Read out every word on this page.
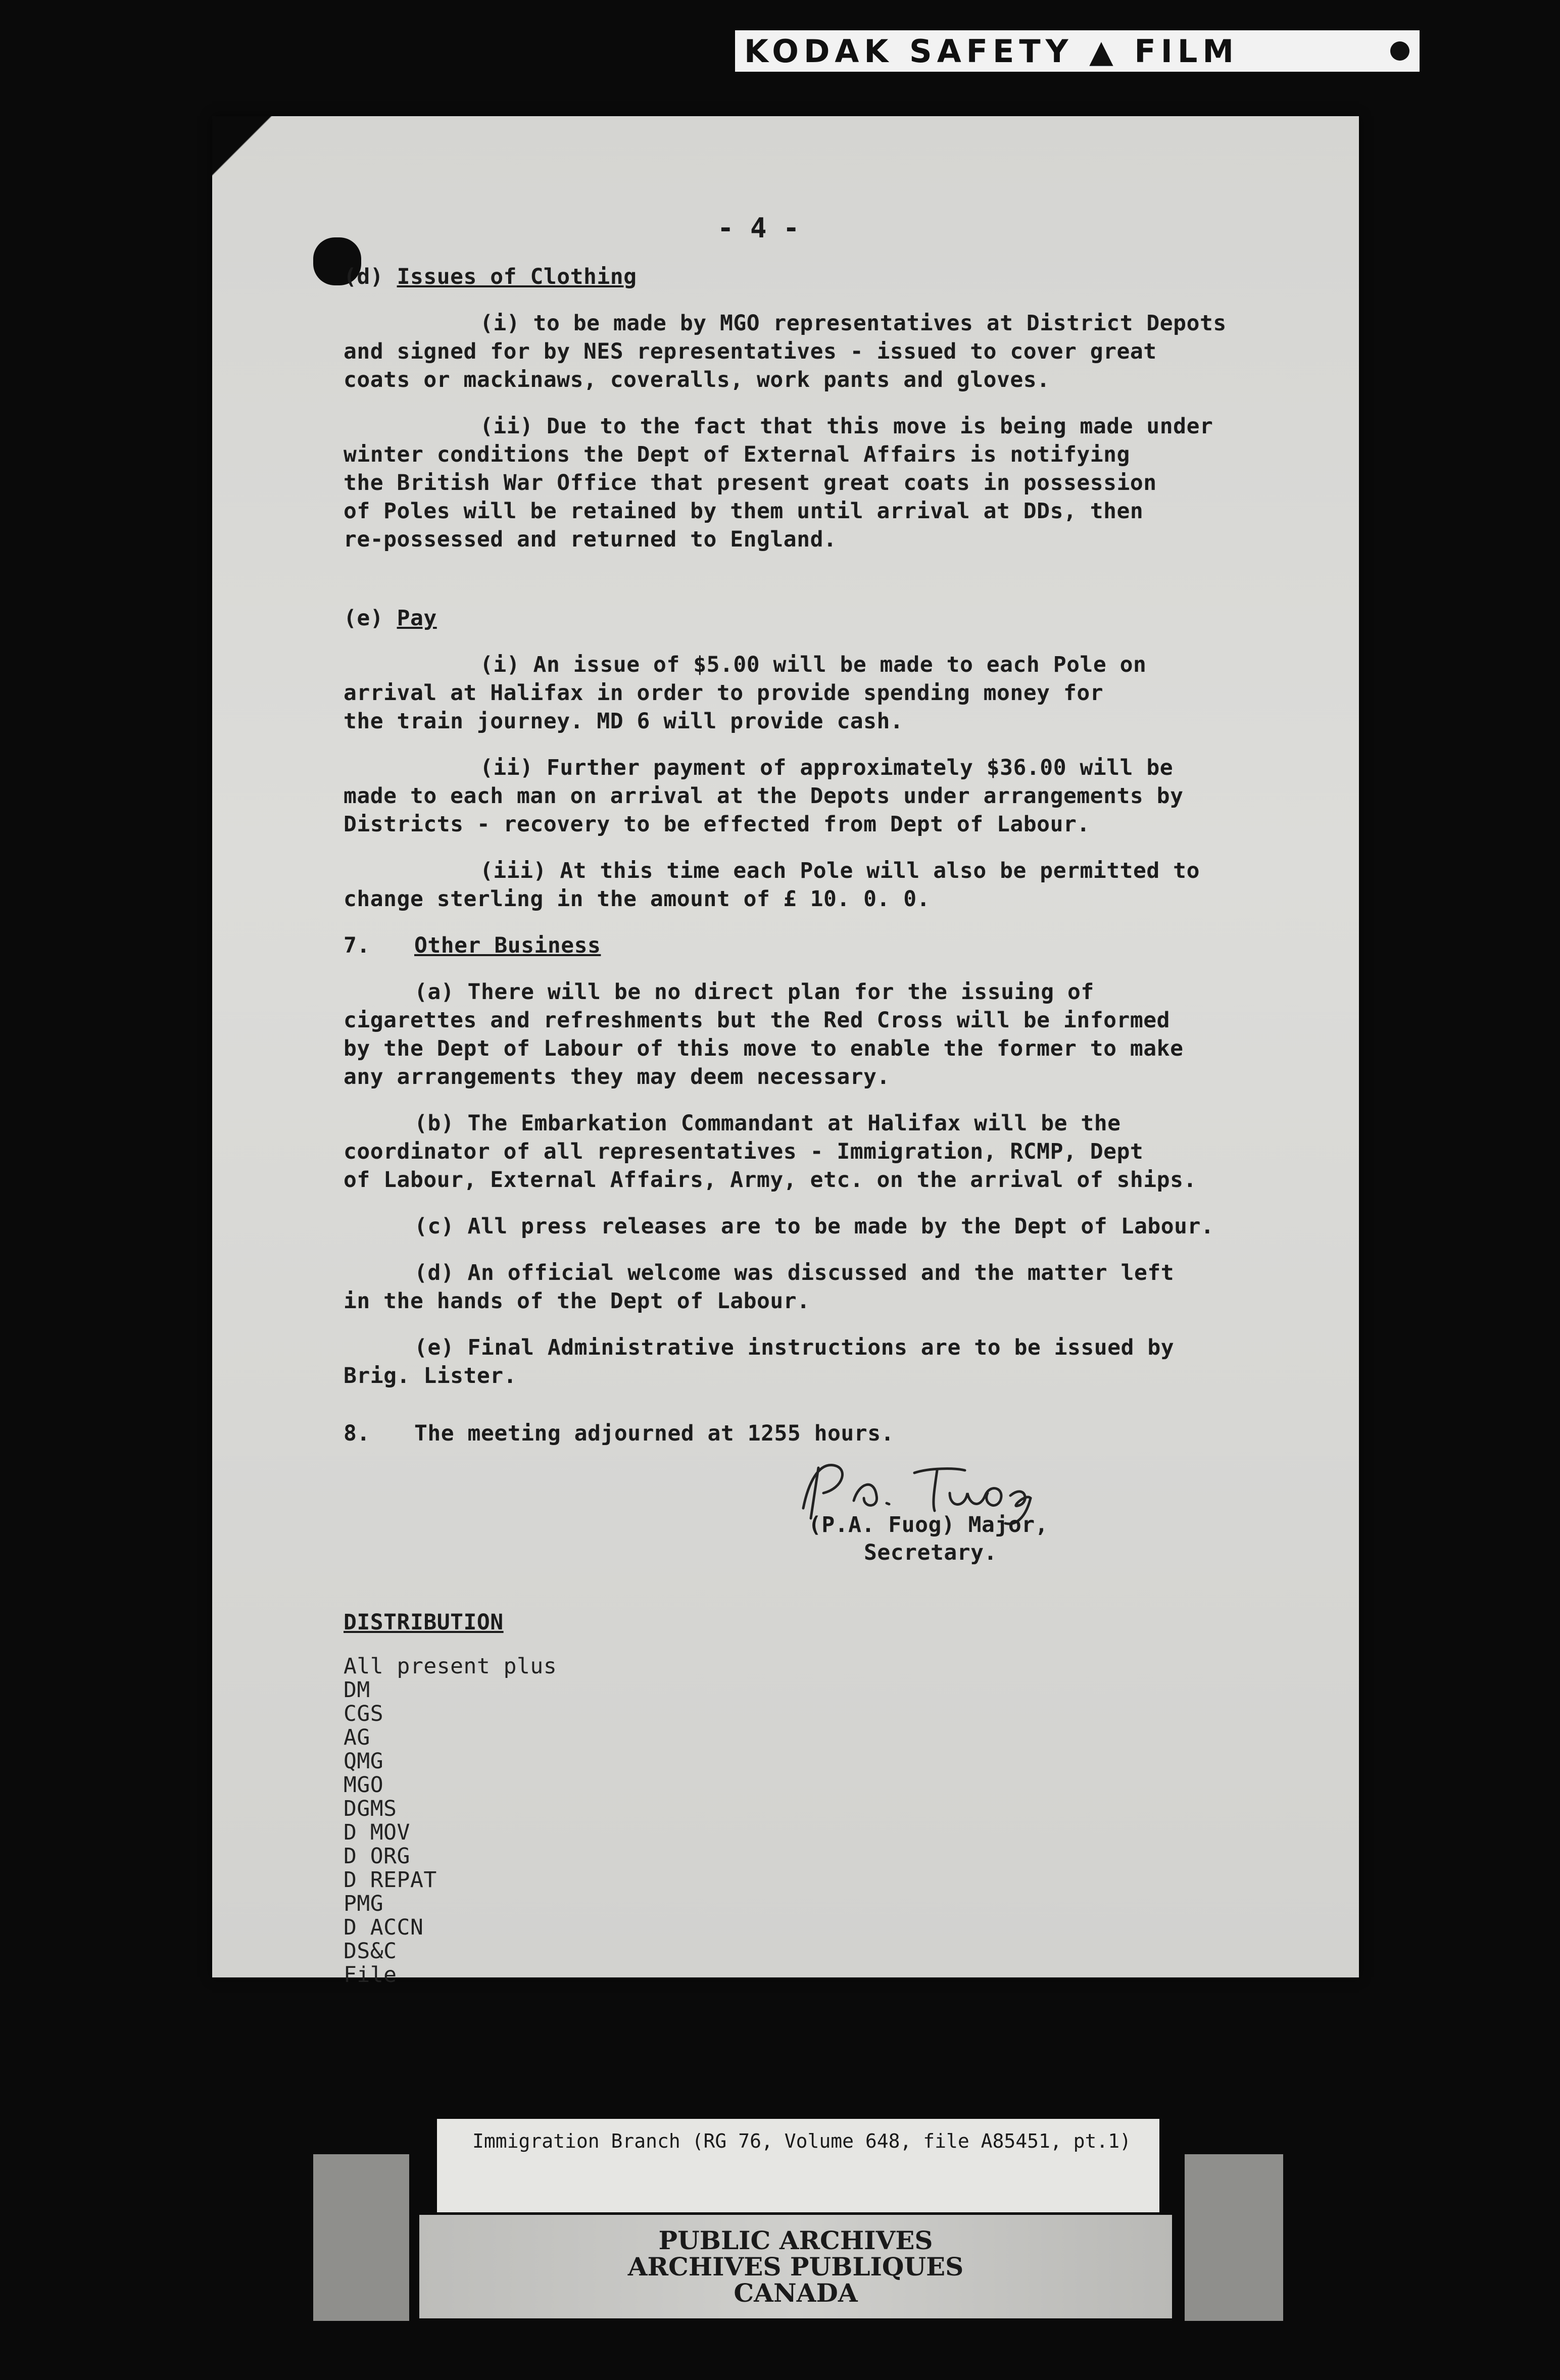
KODAK SAFETY ▲ FILM
- 4 -

(d) Issues of Clothing

(i) to be made by MGO representatives at District Depots

and signed for by NES representatives - issued to cover great

coats or mackinaws, coveralls, work pants and gloves.

(ii) Due to the fact that this move is being made under

winter conditions the Dept of External Affairs is notifying

the British War Office that present great coats in possession

of Poles will be retained by them until arrival at DDs, then

re-possessed and returned to England.

(e) Pay

(i) An issue of $5.00 will be made to each Pole on

arrival at Halifax in order to provide spending money for

the train journey. MD 6 will provide cash.

(ii) Further payment of approximately $36.00 will be

made to each man on arrival at the Depots under arrangements by

Districts - recovery to be effected from Dept of Labour.

(iii) At this time each Pole will also be permitted to

change sterling in the amount of £ 10. 0. 0.

7.	Other Business

(a) There will be no direct plan for the issuing of

cigarettes and refreshments but the Red Cross will be informed

by the Dept of Labour of this move to enable the former to make

any arrangements they may deem necessary.

(b) The Embarkation Commandant at Halifax will be the

coordinator of all representatives - Immigration, RCMP, Dept

of Labour, External Affairs, Army, etc. on the arrival of ships.

(c) All press releases are to be made by the Dept of Labour.

(d) An official welcome was discussed and the matter left

in the hands of the Dept of Labour.

(e) Final Administrative instructions are to be issued by

Brig. Lister.

8.	The meeting adjourned at 1255 hours.
(P.A. Fuog) Major,
Secretary.

DISTRIBUTION

All present plus
DM
CGS
AG
QMG
MGO
DGMS
D MOV
D ORG
D REPAT
PMG
D ACCN
DS&C
File
Immigration Branch (RG 76, Volume 648, file A85451, pt.1)
PUBLIC ARCHIVES
ARCHIVES PUBLIQUES
CANADA
